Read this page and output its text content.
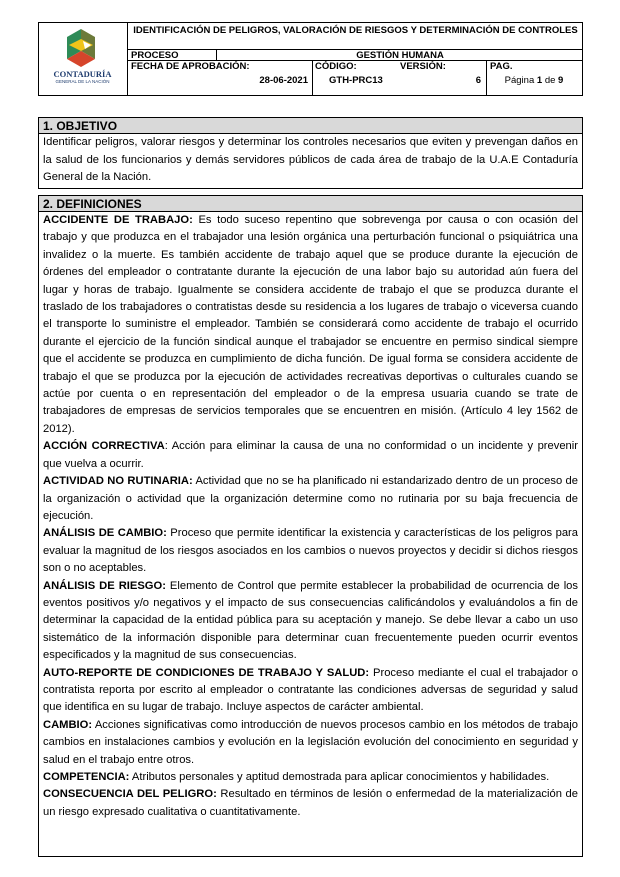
CONTADURÍA
GENERAL DE LA NACIÓN
IDENTIFICACIÓN DE PELIGROS, VALORACIÓN DE RIESGOS Y DETERMINACIÓN DE CONTROLES
PROCESO	GESTIÓN HUMANA
FECHA DE APROBACIÓN:
28-06-2021
CÓDIGO:
GTH-PRC13
VERSIÓN:
6
PAG.
Página 1 de 9
1. OBJETIVO
Identificar peligros, valorar riesgos y determinar los controles necesarios que eviten y prevengan daños en la salud de los funcionarios y demás servidores públicos de cada área de trabajo de la U.A.E Contaduría General de la Nación.
2. DEFINICIONES

ACCIDENTE DE TRABAJO: Es todo suceso repentino que sobrevenga por causa o con ocasión del trabajo y que produzca en el trabajador una lesión orgánica una perturbación funcional o psiquiátrica una invalidez o la muerte. Es también accidente de trabajo aquel que se produce durante la ejecución de órdenes del empleador o contratante durante la ejecución de una labor bajo su autoridad aún fuera del lugar y horas de trabajo. Igualmente se considera accidente de trabajo el que se produzca durante el traslado de los trabajadores o contratistas desde su residencia a los lugares de trabajo o viceversa cuando el transporte lo suministre el empleador. También se considerará como accidente de trabajo el ocurrido durante el ejercicio de la función sindical aunque el trabajador se encuentre en permiso sindical siempre que el accidente se produzca en cumplimiento de dicha función. De igual forma se considera accidente de trabajo el que se produzca por la ejecución de actividades recreativas deportivas o culturales cuando se actúe por cuenta o en representación del empleador o de la empresa usuaria cuando se trate de trabajadores de empresas de servicios temporales que se encuentren en misión. (Artículo 4 ley 1562 de 2012).

ACCIÓN CORRECTIVA: Acción para eliminar la causa de una no conformidad o un incidente y prevenir que vuelva a ocurrir.

ACTIVIDAD NO RUTINARIA: Actividad que no se ha planificado ni estandarizado dentro de un proceso de la organización o actividad que la organización determine como no rutinaria por su baja frecuencia de ejecución.

ANÁLISIS DE CAMBIO: Proceso que permite identificar la existencia y características de los peligros para evaluar la magnitud de los riesgos asociados en los cambios o nuevos proyectos y decidir si dichos riesgos son o no aceptables.

ANÁLISIS DE RIESGO: Elemento de Control que permite establecer la probabilidad de ocurrencia de los eventos positivos y/o negativos y el impacto de sus consecuencias calificándolos y evaluándolos a fin de determinar la capacidad de la entidad pública para su aceptación y manejo. Se debe llevar a cabo un uso sistemático de la información disponible para determinar cuan frecuentemente pueden ocurrir eventos especificados y la magnitud de sus consecuencias.

AUTO-REPORTE DE CONDICIONES DE TRABAJO Y SALUD: Proceso mediante el cual el trabajador o contratista reporta por escrito al empleador o contratante las condiciones adversas de seguridad y salud que identifica en su lugar de trabajo. Incluye aspectos de carácter ambiental.

CAMBIO: Acciones significativas como introducción de nuevos procesos cambio en los métodos de trabajo cambios en instalaciones cambios y evolución en la legislación evolución del conocimiento en seguridad y salud en el trabajo entre otros.

COMPETENCIA: Atributos personales y aptitud demostrada para aplicar conocimientos y habilidades.

CONSECUENCIA DEL PELIGRO: Resultado en términos de lesión o enfermedad de la materialización de un riesgo expresado cualitativa o cuantitativamente.
